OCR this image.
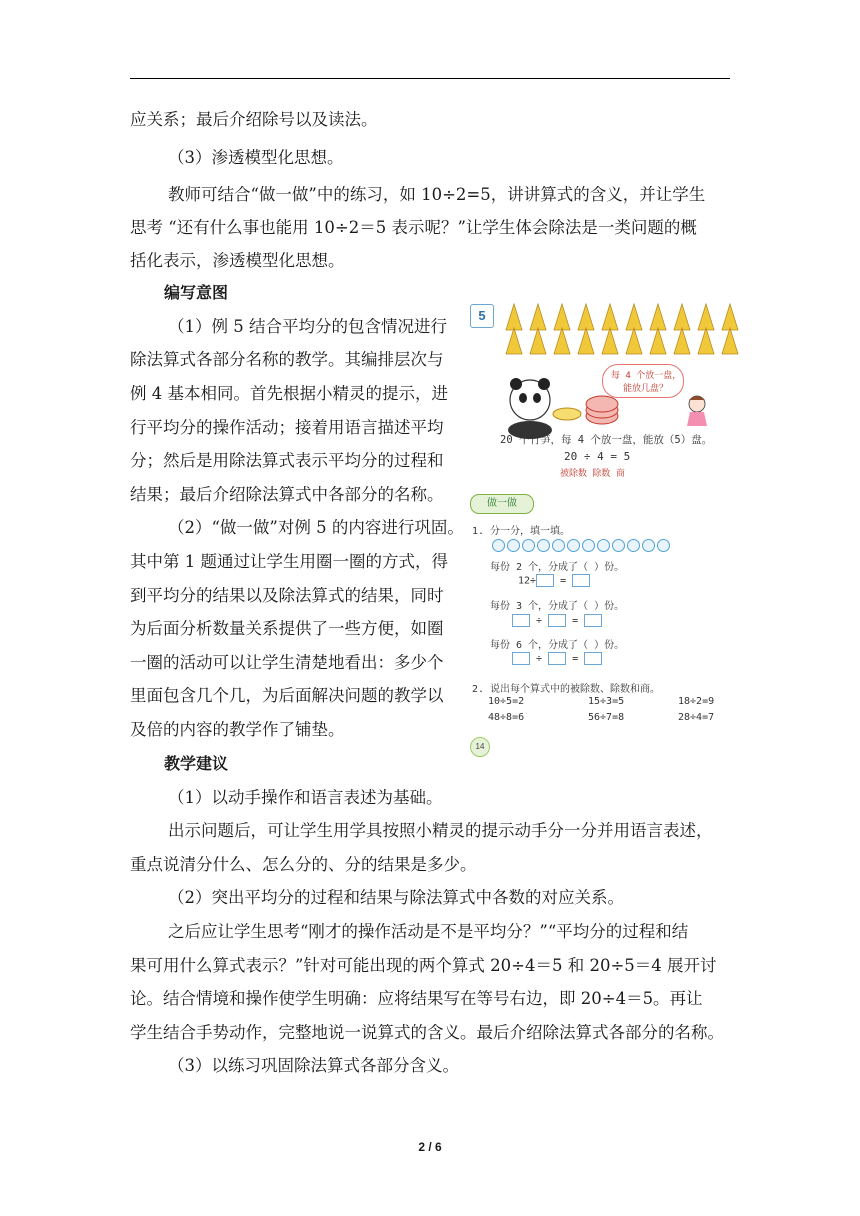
应关系；最后介绍除号以及读法。
（3）渗透模型化思想。
教师可结合“做一做”中的练习，如 10÷2=5，讲讲算式的含义，并让学生
思考 “还有什么事也能用 10÷2＝5 表示呢？”让学生体会除法是一类问题的概
括化表示，渗透模型化思想。
编写意图
（1）例 5 结合平均分的包含情况进行
除法算式各部分名称的教学。其编排层次与
例 4 基本相同。首先根据小精灵的提示，进
行平均分的操作活动；接着用语言描述平均
分；然后是用除法算式表示平均分的过程和
结果；最后介绍除法算式中各部分的名称。
（2）“做一做”对例 5 的内容进行巩固。
其中第 1 题通过让学生用圈一圈的方式，得
到平均分的结果以及除法算式的结果，同时
为后面分析数量关系提供了一些方便，如圈
一圈的活动可以让学生清楚地看出：多少个
里面包含几个几，为后面解决问题的教学以
及倍的内容的教学作了铺垫。
教学建议
（1）以动手操作和语言表述为基础。
出示问题后，可让学生用学具按照小精灵的提示动手分一分并用语言表述，
重点说清分什么、怎么分的、分的结果是多少。
（2）突出平均分的过程和结果与除法算式中各数的对应关系。
之后应让学生思考“刚才的操作活动是不是平均分？”“平均分的过程和结
果可用什么算式表示？”针对可能出现的两个算式 20÷4＝5 和 20÷5＝4 展开讨
论。结合情境和操作使学生明确：应将结果写在等号右边，即 20÷4＝5。再让
学生结合手势动作，完整地说一说算式的含义。最后介绍除法算式各部分的名称。
（3）以练习巩固除法算式各部分含义。
5
每 4 个放一盘，
能放几盘？
20 个竹笋，每 4 个放一盘，能放（5）盘。
20 ÷ 4 = 5
被除数 除数 商
做一做
1. 分一分，填一填。
每份 2 个，分成了（ ）份。
12÷ =
每份 3 个，分成了（ ）份。
÷  =
每份 6 个，分成了（ ）份。
÷  =
2. 说出每个算式中的被除数、除数和商。
10÷5=2	15÷3=5	18÷2=9
48÷8=6	56÷7=8	28÷4=7
14
2 / 6
